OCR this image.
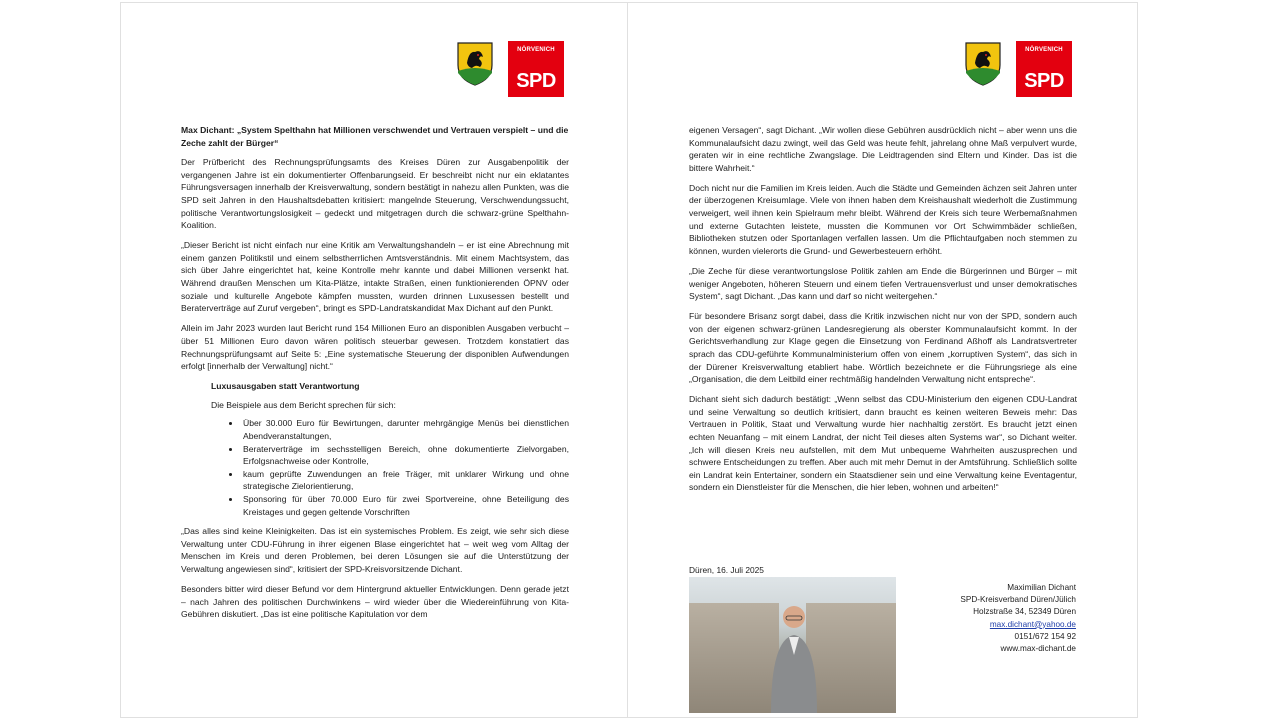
NÖRVENICH
SPD

Max Dichant: „System Spelthahn hat Millionen verschwendet und Vertrauen verspielt – und die Zeche zahlt der Bürger“

Der Prüfbericht des Rechnungsprüfungsamts des Kreises Düren zur Ausgabenpolitik der vergangenen Jahre ist ein dokumentierter Offenbarungseid. Er beschreibt nicht nur ein eklatantes Führungsversagen innerhalb der Kreisverwaltung, sondern bestätigt in nahezu allen Punkten, was die SPD seit Jahren in den Haushaltsdebatten kritisiert: mangelnde Steuerung, Verschwendungssucht, politische Verantwortungslosigkeit – gedeckt und mitgetragen durch die schwarz-grüne Spelthahn-Koalition.

„Dieser Bericht ist nicht einfach nur eine Kritik am Verwaltungshandeln – er ist eine Abrechnung mit einem ganzen Politikstil und einem selbstherrlichen Amtsverständnis. Mit einem Machtsystem, das sich über Jahre eingerichtet hat, keine Kontrolle mehr kannte und dabei Millionen versenkt hat. Während draußen Menschen um Kita-Plätze, intakte Straßen, einen funktionierenden ÖPNV oder soziale und kulturelle Angebote kämpfen mussten, wurden drinnen Luxusessen bestellt und Beraterverträge auf Zuruf vergeben“, bringt es SPD-Landratskandidat Max Dichant auf den Punkt.

Allein im Jahr 2023 wurden laut Bericht rund 154 Millionen Euro an disponiblen Ausgaben verbucht – über 51 Millionen Euro davon wären politisch steuerbar gewesen. Trotzdem konstatiert das Rechnungsprüfungsamt auf Seite 5: „Eine systematische Steuerung der disponiblen Aufwendungen erfolgt [innerhalb der Verwaltung] nicht.“

Luxusausgaben statt Verantwortung

Die Beispiele aus dem Bericht sprechen für sich:

• Über 30.000 Euro für Bewirtungen, darunter mehrgängige Menüs bei dienstlichen Abendveranstaltungen,
• Beraterverträge im sechsstelligen Bereich, ohne dokumentierte Zielvorgaben, Erfolgsnachweise oder Kontrolle,
• kaum geprüfte Zuwendungen an freie Träger, mit unklarer Wirkung und ohne strategische Zielorientierung,
• Sponsoring für über 70.000 Euro für zwei Sportvereine, ohne Beteiligung des Kreistages und gegen geltende Vorschriften

„Das alles sind keine Kleinigkeiten. Das ist ein systemisches Problem. Es zeigt, wie sehr sich diese Verwaltung unter CDU-Führung in ihrer eigenen Blase eingerichtet hat – weit weg vom Alltag der Menschen im Kreis und deren Problemen, bei deren Lösungen sie auf die Unterstützung der Verwaltung angewiesen sind“, kritisiert der SPD-Kreisvorsitzende Dichant.

Besonders bitter wird dieser Befund vor dem Hintergrund aktueller Entwicklungen. Denn gerade jetzt – nach Jahren des politischen Durchwinkens – wird wieder über die Wiedereinführung von Kita-Gebühren diskutiert. „Das ist eine politische Kapitulation vor dem

NÖRVENICH
SPD

eigenen Versagen“, sagt Dichant. „Wir wollen diese Gebühren ausdrücklich nicht – aber wenn uns die Kommunalaufsicht dazu zwingt, weil das Geld was heute fehlt, jahrelang ohne Maß verpulvert wurde, geraten wir in eine rechtliche Zwangslage. Die Leidtragenden sind Eltern und Kinder. Das ist die bittere Wahrheit.“

Doch nicht nur die Familien im Kreis leiden. Auch die Städte und Gemeinden ächzen seit Jahren unter der überzogenen Kreisumlage. Viele von ihnen haben dem Kreishaushalt wiederholt die Zustimmung verweigert, weil ihnen kein Spielraum mehr bleibt. Während der Kreis sich teure Werbemaßnahmen und externe Gutachten leistete, mussten die Kommunen vor Ort Schwimmbäder schließen, Bibliotheken stutzen oder Sportanlagen verfallen lassen. Um die Pflichtaufgaben noch stemmen zu können, wurden vielerorts die Grund- und Gewerbesteuern erhöht.

„Die Zeche für diese verantwortungslose Politik zahlen am Ende die Bürgerinnen und Bürger – mit weniger Angeboten, höheren Steuern und einem tiefen Vertrauensverlust und unser demokratisches System“, sagt Dichant. „Das kann und darf so nicht weitergehen.“

Für besondere Brisanz sorgt dabei, dass die Kritik inzwischen nicht nur von der SPD, sondern auch von der eigenen schwarz-grünen Landesregierung als oberster Kommunalaufsicht kommt. In der Gerichtsverhandlung zur Klage gegen die Einsetzung von Ferdinand Aßhoff als Landratsvertreter sprach das CDU-geführte Kommunalministerium offen von einem „korruptiven System“, das sich in der Dürener Kreisverwaltung etabliert habe. Wörtlich bezeichnete er die Führungsriege als eine „Organisation, die dem Leitbild einer rechtmäßig handelnden Verwaltung nicht entspreche“.

Dichant sieht sich dadurch bestätigt: „Wenn selbst das CDU-Ministerium den eigenen CDU-Landrat und seine Verwaltung so deutlich kritisiert, dann braucht es keinen weiteren Beweis mehr: Das Vertrauen in Politik, Staat und Verwaltung wurde hier nachhaltig zerstört. Es braucht jetzt einen echten Neuanfang – mit einem Landrat, der nicht Teil dieses alten Systems war“, so Dichant weiter. „Ich will diesen Kreis neu aufstellen, mit dem Mut unbequeme Wahrheiten auszusprechen und schwere Entscheidungen zu treffen. Aber auch mit mehr Demut in der Amtsführung. Schließlich sollte ein Landrat kein Entertainer, sondern ein Staatsdiener sein und eine Verwaltung keine Eventagentur, sondern ein Dienstleister für die Menschen, die hier leben, wohnen und arbeiten!“

Düren, 16. Juli 2025
Maximilian Dichant
SPD-Kreisverband Düren/Jülich
Holzstraße 34, 52349 Düren
max.dichant@yahoo.de
0151/672 154 92
www.max-dichant.de
